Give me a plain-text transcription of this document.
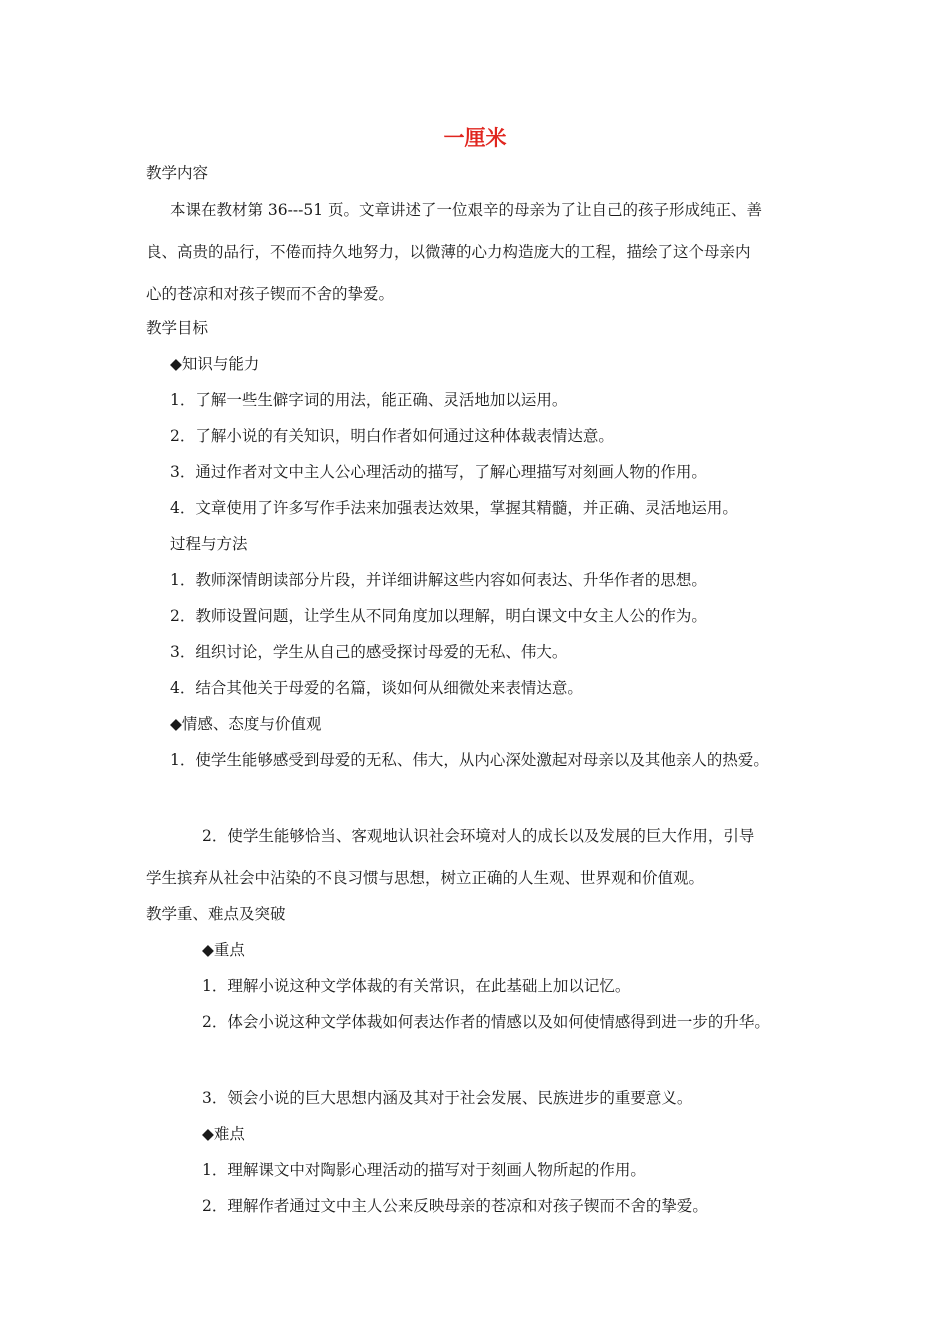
一厘米
教学内容
本课在教材第 36---51 页。文章讲述了一位艰辛的母亲为了让自己的孩子形成纯正、善
良、高贵的品行，不倦而持久地努力，以微薄的心力构造庞大的工程，描绘了这个母亲内
心的苍凉和对孩子锲而不舍的挚爱。
教学目标
◆知识与能力
1．了解一些生僻字词的用法，能正确、灵活地加以运用。
2．了解小说的有关知识，明白作者如何通过这种体裁表情达意。
3．通过作者对文中主人公心理活动的描写，了解心理描写对刻画人物的作用。
4．文章使用了许多写作手法来加强表达效果，掌握其精髓，并正确、灵活地运用。
过程与方法
1．教师深情朗读部分片段，并详细讲解这些内容如何表达、升华作者的思想。
2．教师设置问题，让学生从不同角度加以理解，明白课文中女主人公的作为。
3．组织讨论，学生从自己的感受探讨母爱的无私、伟大。
4．结合其他关于母爱的名篇，谈如何从细微处来表情达意。
◆情感、态度与价值观
1．使学生能够感受到母爱的无私、伟大，从内心深处激起对母亲以及其他亲人的热爱。
2．使学生能够恰当、客观地认识社会环境对人的成长以及发展的巨大作用，引导
学生摈弃从社会中沾染的不良习惯与思想，树立正确的人生观、世界观和价值观。
教学重、难点及突破
◆重点
1．理解小说这种文学体裁的有关常识，在此基础上加以记忆。
2．体会小说这种文学体裁如何表达作者的情感以及如何使情感得到进一步的升华。
3．领会小说的巨大思想内涵及其对于社会发展、民族进步的重要意义。
◆难点
1．理解课文中对陶影心理活动的描写对于刻画人物所起的作用。
2．理解作者通过文中主人公来反映母亲的苍凉和对孩子锲而不舍的挚爱。
